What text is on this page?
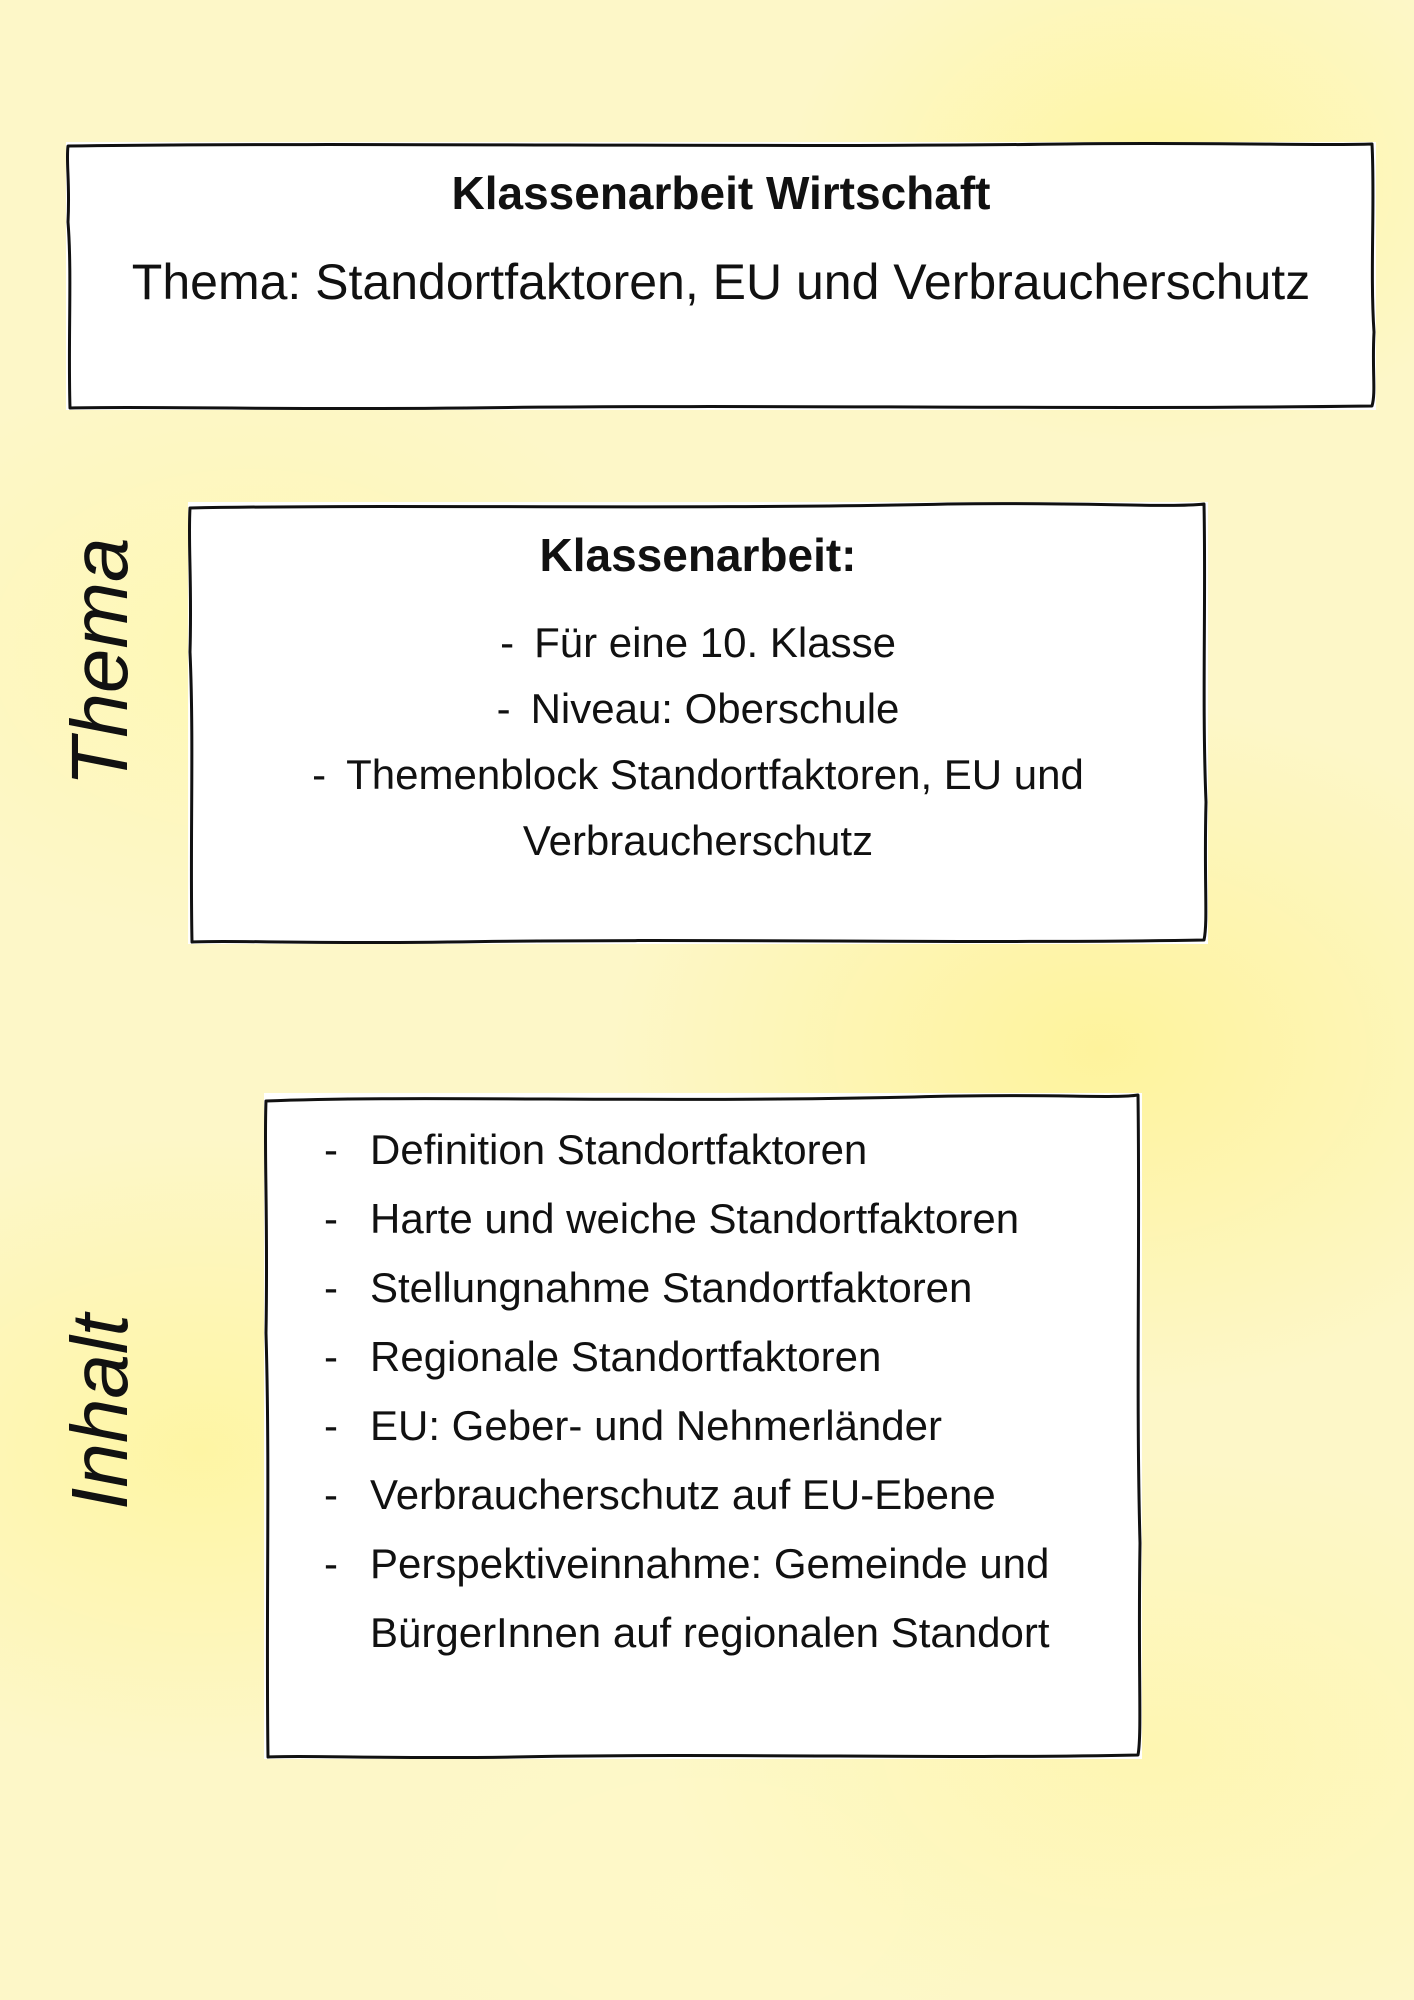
Klassenarbeit Wirtschaft
Thema: Standortfaktoren, EU und Verbraucherschutz
Thema	Klassenarbeit:
- Für eine 10. Klasse
- Niveau: Oberschule
- Themenblock Standortfaktoren, EU und Verbraucherschutz
Inhalt
- Definition Standortfaktoren
- Harte und weiche Standortfaktoren
- Stellungnahme Standortfaktoren
- Regionale Standortfaktoren
- EU: Geber- und Nehmerländer
- Verbraucherschutz auf EU-Ebene
- Perspektiveinnahme: Gemeinde und BürgerInnen auf regionalen Standort
